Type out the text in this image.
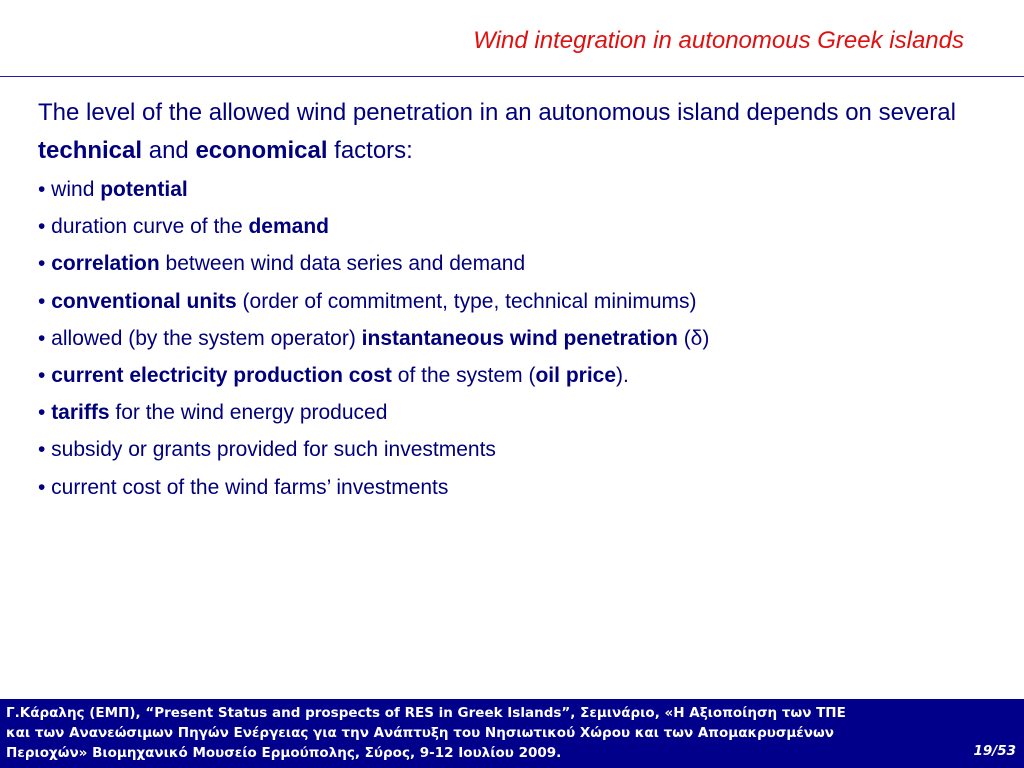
Wind integration in autonomous Greek islands

The level of the allowed wind penetration in an autonomous island depends on several technical and economical factors:

• wind potential
• duration curve of the demand
• correlation between wind data series and demand
• conventional units (order of commitment, type, technical minimums)
• allowed (by the system operator) instantaneous wind penetration (δ)
• current electricity production cost of the system (oil price).
• tariffs for the wind energy produced
• subsidy or grants provided for such investments
• current cost of the wind farms’ investments
Γ.Κάραλης (ΕΜΠ), “Present Status and prospects of RES in Greek Islands”, Σεμινάριο, «Η Αξιοποίηση των ΤΠΕ
και των Ανανεώσιμων Πηγών Ενέργειας για την Ανάπτυξη του Νησιωτικού Χώρου και των Απομακρυσμένων
Περιοχών» Βιομηχανικό Μουσείο Ερμούπολης, Σύρος, 9-12 Ιουλίου 2009.	19/53
